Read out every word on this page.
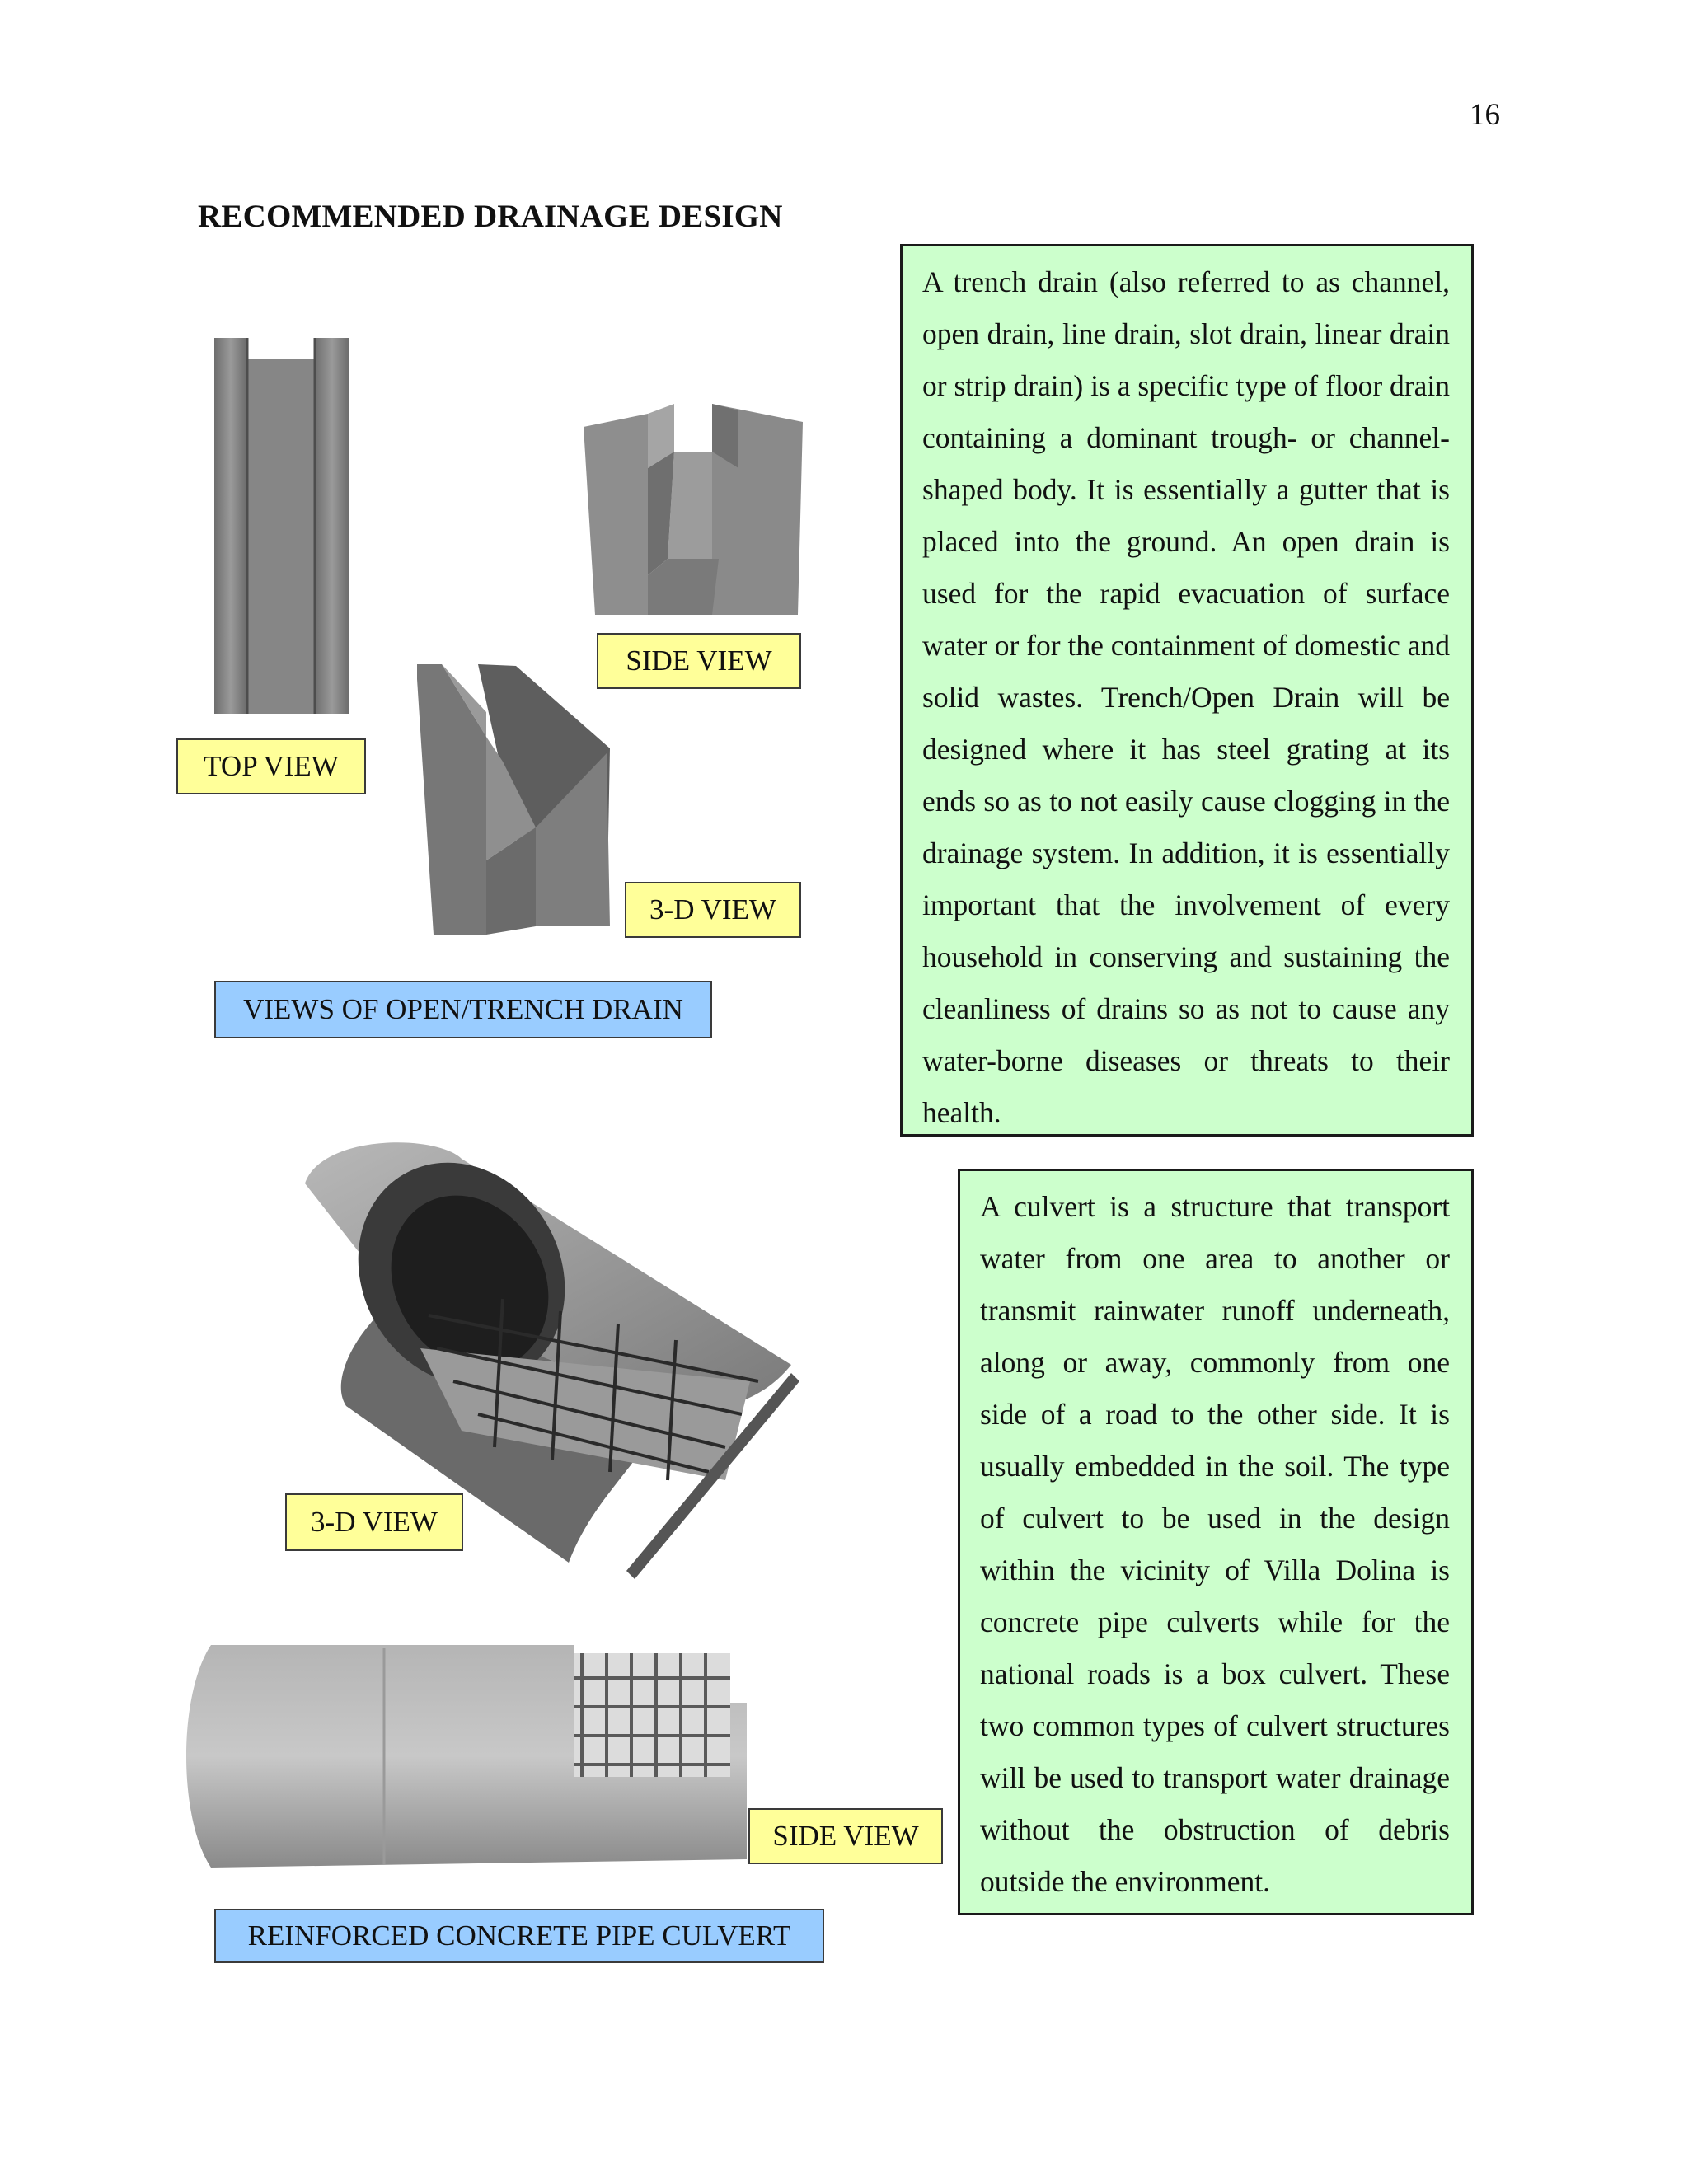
16
RECOMMENDED DRAINAGE DESIGN
TOP VIEW
SIDE VIEW
3-D VIEW
VIEWS OF OPEN/TRENCH DRAIN

A trench drain (also referred to as channel, open drain, line drain, slot drain, linear drain or strip drain) is a specific type of floor drain containing a dominant trough- or channel-shaped body. It is essentially a gutter that is placed into the ground. An open drain is used for the rapid evacuation of surface water or for the containment of domestic and solid wastes. Trench/Open Drain will be designed where it has steel grating at its ends so as to not easily cause clogging in the drainage system. In addition, it is essentially important that the involvement of every household in conserving and sustaining the cleanliness of drains so as not to cause any water-borne diseases or threats to their health.

3-D VIEW
SIDE VIEW
REINFORCED CONCRETE PIPE CULVERT

A culvert is a structure that transport water from one area to another or transmit rainwater runoff underneath, along or away, commonly from one side of a road to the other side. It is usually embedded in the soil. The type of culvert to be used in the design within the vicinity of Villa Dolina is concrete pipe culverts while for the national roads is a box culvert. These two common types of culvert structures will be used to transport water drainage without the obstruction of debris outside the environment.
